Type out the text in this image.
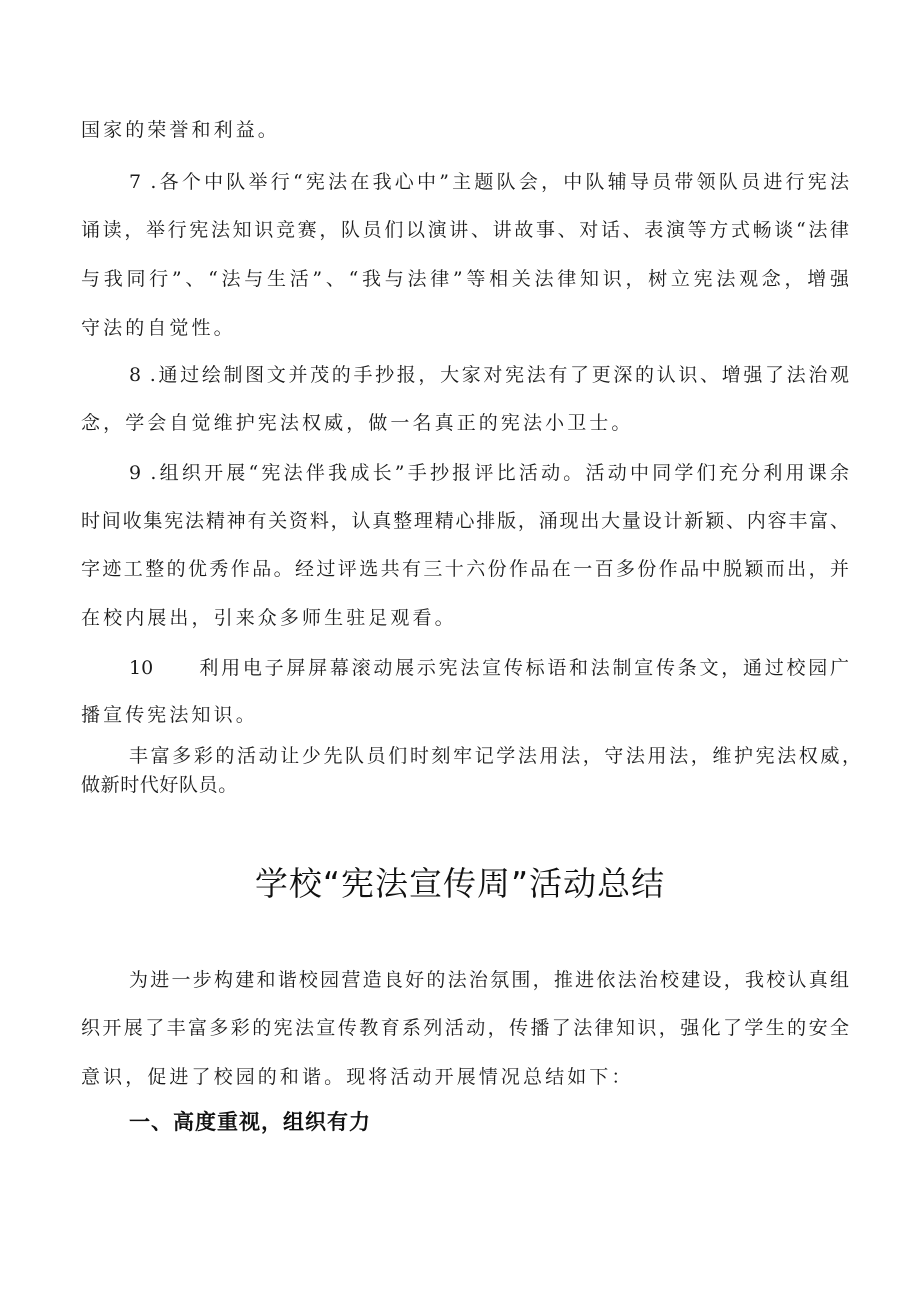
国家的荣誉和利益。
7 .各个中队举行“宪法在我心中”主题队会，中队辅导员带领队员进行宪法
诵读，举行宪法知识竞赛，队员们以演讲、讲故事、对话、表演等方式畅谈“法律
与我同行”、“法与生活”、“我与法律”等相关法律知识，树立宪法观念，增强
守法的自觉性。
8 .通过绘制图文并茂的手抄报，大家对宪法有了更深的认识、增强了法治观
念，学会自觉维护宪法权威，做一名真正的宪法小卫士。
9 .组织开展“宪法伴我成长”手抄报评比活动。活动中同学们充分利用课余
时间收集宪法精神有关资料，认真整理精心排版，涌现出大量设计新颖、内容丰富、
字迹工整的优秀作品。经过评选共有三十六份作品在一百多份作品中脱颖而出，并
在校内展出，引来众多师生驻足观看。
10　　利用电子屏屏幕滚动展示宪法宣传标语和法制宣传条文，通过校园广
播宣传宪法知识。
丰富多彩的活动让少先队员们时刻牢记学法用法，守法用法，维护宪法权威，
做新时代好队员。
学校“宪法宣传周”活动总结
为进一步构建和谐校园营造良好的法治氛围，推进依法治校建设，我校认真组
织开展了丰富多彩的宪法宣传教育系列活动，传播了法律知识，强化了学生的安全
意识，促进了校园的和谐。现将活动开展情况总结如下：
一、高度重视，组织有力
